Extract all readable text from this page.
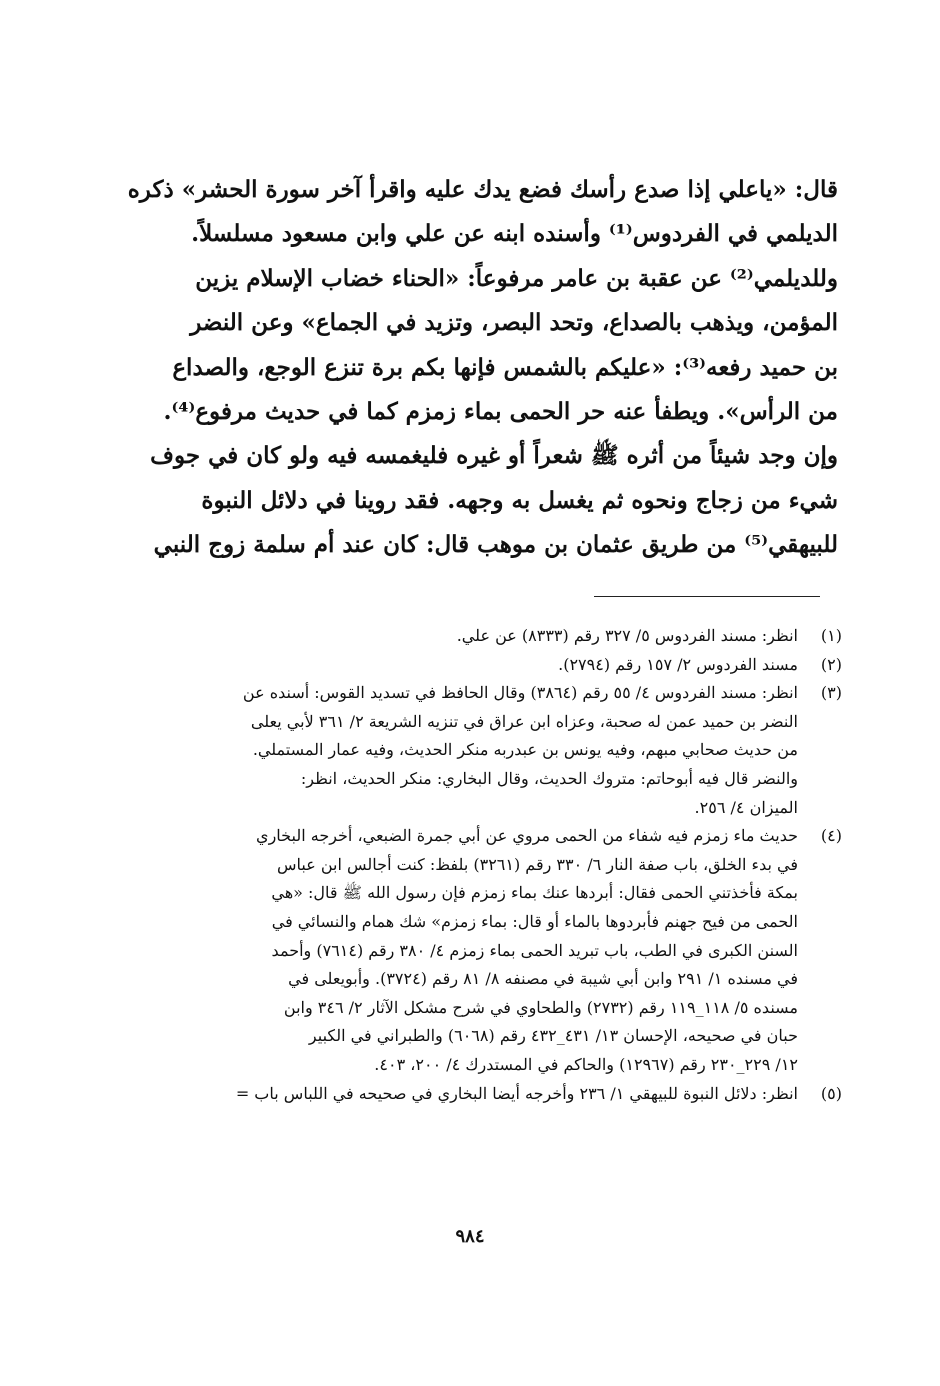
قال: «ياعلي إذا صدع رأسك فضع يدك عليه واقرأ آخر سورة الحشر» ذكره
الديلمي في الفردوس⁽¹⁾ وأسنده ابنه عن علي وابن مسعود مسلسلاً.
وللديلمي⁽²⁾ عن عقبة بن عامر مرفوعاً: «الحناء خضاب الإسلام يزين
المؤمن، ويذهب بالصداع، وتحد البصر، وتزيد في الجماع» وعن النضر
بن حميد رفعه⁽³⁾: «عليكم بالشمس فإنها بكم برة تنزع الوجع، والصداع
من الرأس». ويطفأ عنه حر الحمى بماء زمزم كما في حديث مرفوع⁽⁴⁾.
وإن وجد شيئاً من أثره ﷺ شعراً أو غيره فليغمسه فيه ولو كان في جوف
شيء من زجاج ونحوه ثم يغسل به وجهه. فقد روينا في دلائل النبوة
للبيهقي⁽⁵⁾ من طريق عثمان بن موهب قال: كان عند أم سلمة زوج النبي
(١)
انظر: مسند الفردوس ٥/ ٣٢٧ رقم (٨٣٣٣) عن علي.
(٢)
مسند الفردوس ٢/ ١٥٧ رقم (٢٧٩٤).
(٣)
انظر: مسند الفردوس ٤/ ٥٥ رقم (٣٨٦٤) وقال الحافظ في تسديد القوس: أسنده عن
النضر بن حميد عمن له صحبة، وعزاه ابن عراق في تنزيه الشريعة ٢/ ٣٦١ لأبي يعلى
من حديث صحابي مبهم، وفيه يونس بن عبدربه منكر الحديث، وفيه عمار المستملي.
والنضر قال فيه أبوحاتم: متروك الحديث، وقال البخاري: منكر الحديث، انظر:
الميزان ٤/ ٢٥٦.
(٤)
حديث ماء زمزم فيه شفاء من الحمى مروي عن أبي جمرة الضبعي، أخرجه البخاري
في بدء الخلق، باب صفة النار ٦/ ٣٣٠ رقم (٣٢٦١) بلفظ: كنت أجالس ابن عباس
بمكة فأخذتني الحمى فقال: أبردها عنك بماء زمزم فإن رسول الله ﷺ قال: «هي
الحمى من فيح جهنم فأبردوها بالماء أو قال: بماء زمزم» شك همام والنسائي في
السنن الكبرى في الطب، باب تبريد الحمى بماء زمزم ٤/ ٣٨٠ رقم (٧٦١٤) وأحمد
في مسنده ١/ ٢٩١ وابن أبي شيبة في مصنفه ٨/ ٨١ رقم (٣٧٢٤). وأبويعلى في
مسنده ٥/ ١١٨_١١٩ رقم (٢٧٣٢) والطحاوي في شرح مشكل الآثار ٢/ ٣٤٦ وابن
حبان في صحيحه، الإحسان ١٣/ ٤٣١_٤٣٢ رقم (٦٠٦٨) والطبراني في الكبير
١٢/ ٢٢٩_٢٣٠ رقم (١٢٩٦٧) والحاكم في المستدرك ٤/ ٢٠٠، ٤٠٣.
(٥)
انظر: دلائل النبوة للبيهقي ١/ ٢٣٦ وأخرجه أيضا البخاري في صحيحه في اللباس باب =
٩٨٤
